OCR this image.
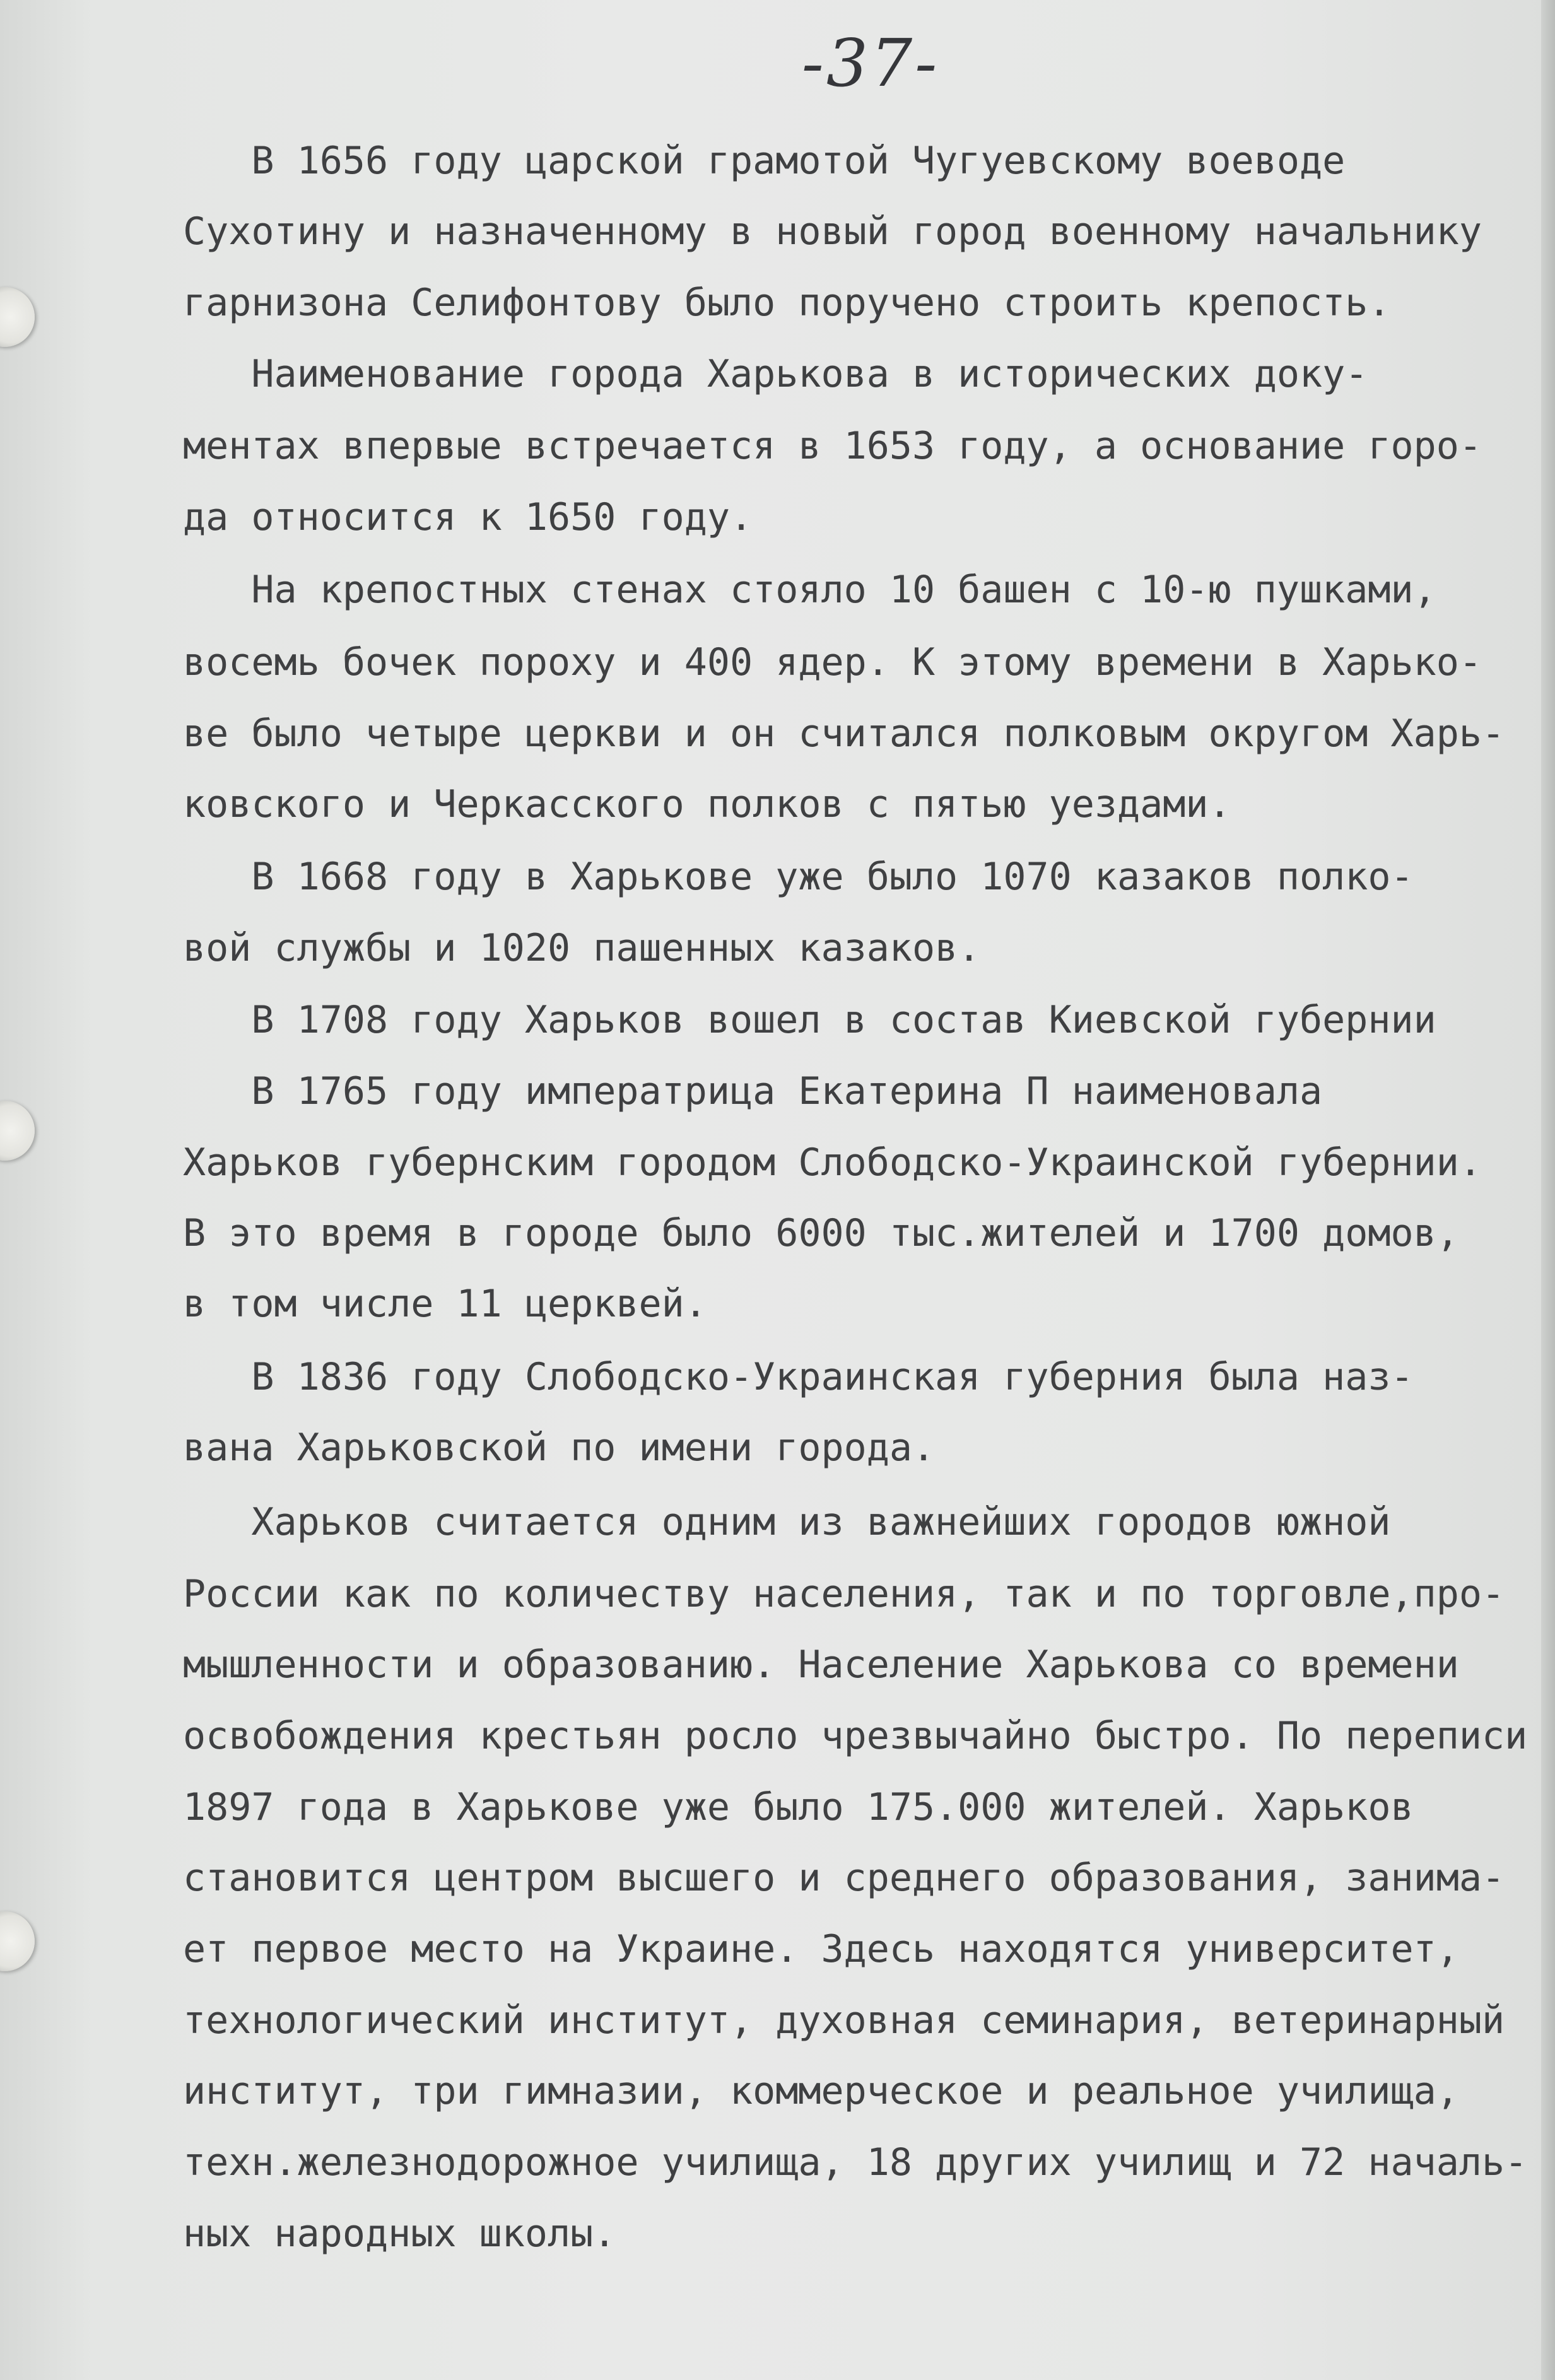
-37-
В 1656 году царской грамотой Чугуевскому воеводе
Сухотину и назначенному в новый город военному начальнику
гарнизона Селифонтову было поручено строить крепость.
Наименование города Харькова в исторических доку-
ментах впервые встречается в 1653 году, а основание горо-
да относится к 1650 году.
На крепостных стенах стояло 10 башен с 10-ю пушками,
восемь бочек пороху и 400 ядер. К этому времени в Харько-
ве было четыре церкви и он считался полковым округом Харь-
ковского и Черкасского полков с пятью уездами.
В 1668 году в Харькове уже было 1070 казаков полко-
вой службы и 1020 пашенных казаков.
В 1708 году Харьков вошел в состав Киевской губернии
В 1765 году императрица Екатерина П наименовала
Харьков губернским городом Слободско-Украинской губернии.
В это время в городе было 6000 тыс.жителей и 1700 домов,
в том числе 11 церквей.
В 1836 году Слободско-Украинская губерния была наз-
вана Харьковской по имени города.
Харьков считается одним из важнейших городов южной
России как по количеству населения, так и по торговле,про-
мышленности и образованию. Население Харькова со времени
освобождения крестьян росло чрезвычайно быстро. По переписи
1897 года в Харькове уже было 175.000 жителей. Харьков
становится центром высшего и среднего образования, занима-
ет первое место на Украине. Здесь находятся университет,
технологический институт, духовная семинария, ветеринарный
институт, три гимназии, коммерческое и реальное училища,
техн.железнодорожное училища, 18 других училищ и 72 началь-
ных народных школы.
